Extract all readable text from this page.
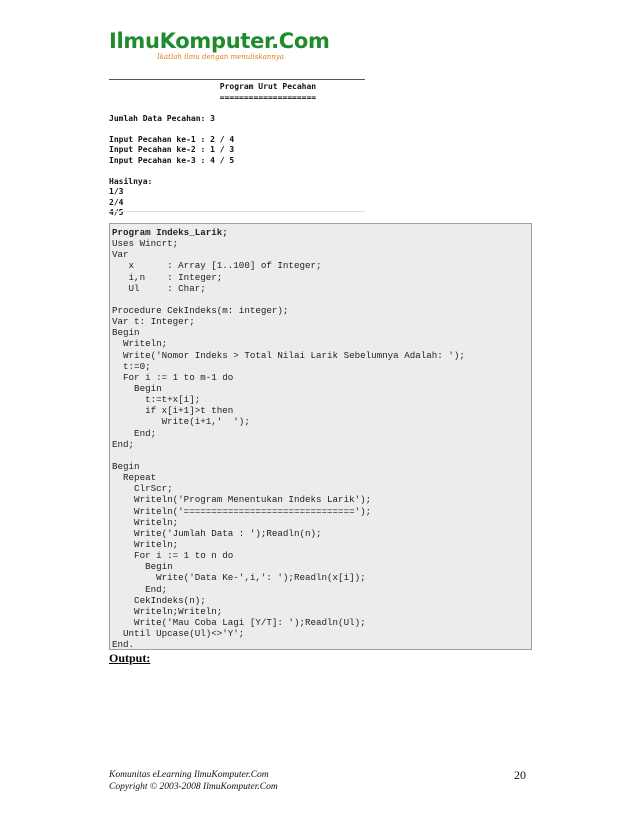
IlmuKomputer.Com
Ikatlah ilmu dengan menuliskannya
Program Urut Pecahan
====================
Jumlah Data Pecahan: 3
Input Pecahan ke-1 : 2 / 4
Input Pecahan ke-2 : 1 / 3
Input Pecahan ke-3 : 4 / 5
Hasilnya:
1/3
2/4
4/5
Program Indeks_Larik;
Uses Wincrt;
Var
x      : Array [1..100] of Integer;
i,n    : Integer;
Ul     : Char;
Procedure CekIndeks(m: integer);
Var t: Integer;
Begin
Writeln;
Write('Nomor Indeks > Total Nilai Larik Sebelumnya Adalah: ');
t:=0;
For i := 1 to m-1 do
Begin
t:=t+x[i];
if x[i+1]>t then
Write(i+1,'  ');
End;
End;
Begin
Repeat
ClrScr;
Writeln('Program Menentukan Indeks Larik');
Writeln('===============================');
Writeln;
Write('Jumlah Data : ');Readln(n);
Writeln;
For i := 1 to n do
Begin
Write('Data Ke-',i,': ');Readln(x[i]);
End;
CekIndeks(n);
Writeln;Writeln;
Write('Mau Coba Lagi [Y/T]: ');Readln(Ul);
Until Upcase(Ul)<>'Y';
End.
Output:
Komunitas eLearning IlmuKomputer.Com
Copyright © 2003-2008 IlmuKomputer.Com
20
